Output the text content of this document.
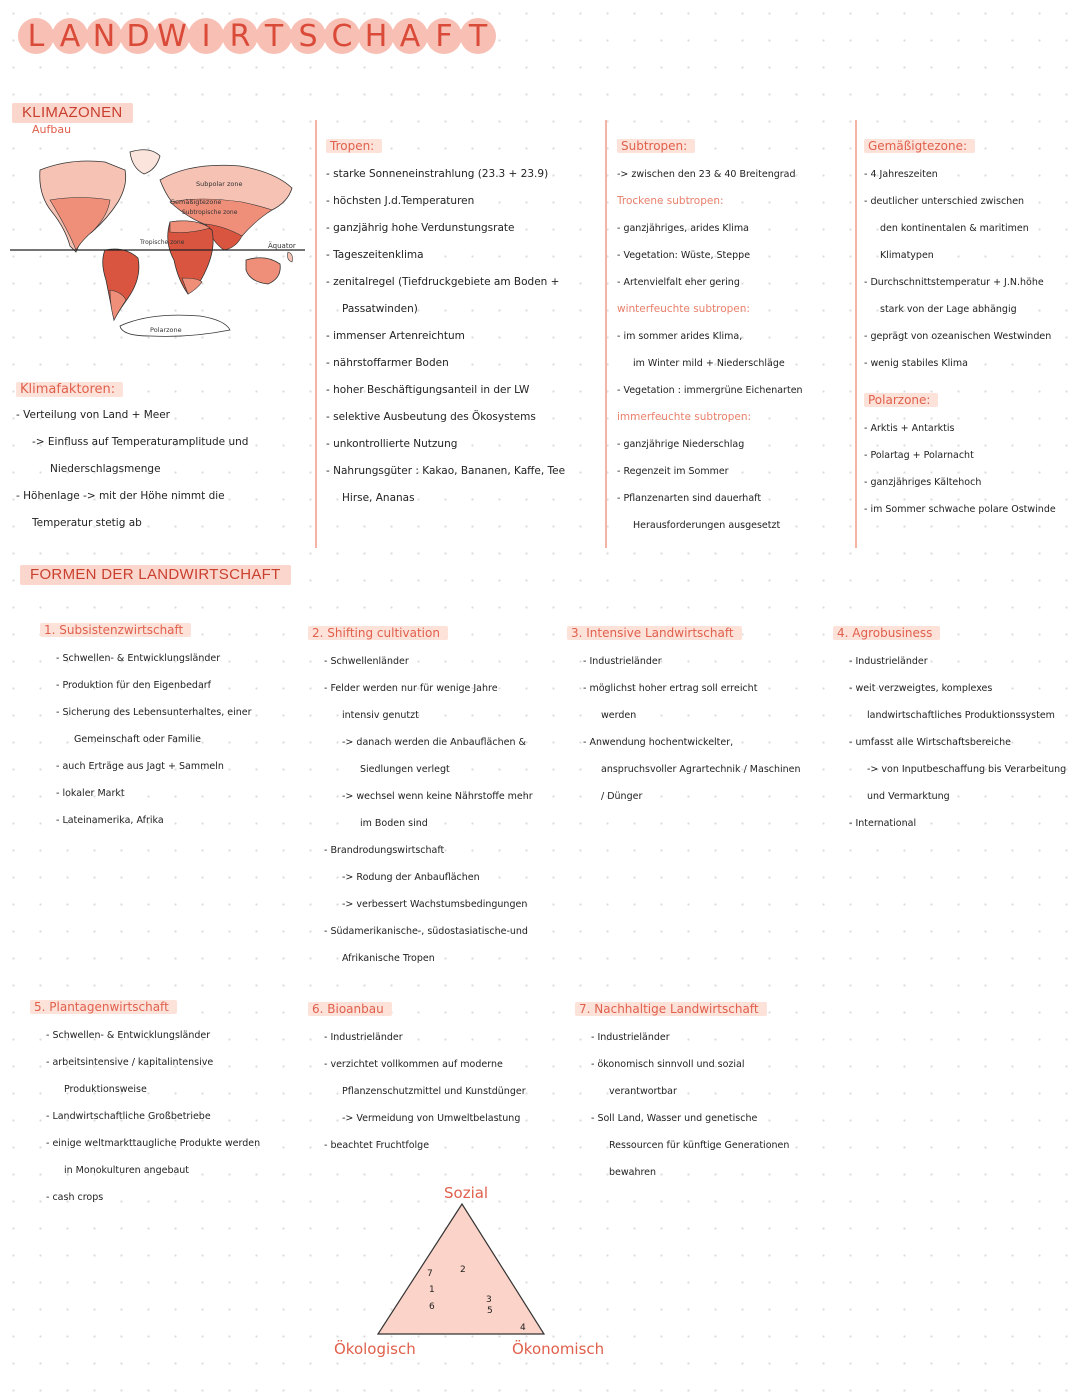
L A N D W I R T S C H A F T
KLIMAZONEN
Aufbau
Subpolar zone
Gemäßigtezone
Subtropische zone
Tropische zone	Äquator
Polarzone
Klimafaktoren:
- Verteilung von Land + Meer
-> Einfluss auf Temperaturamplitude und
Niederschlagsmenge
- Höhenlage -> mit der Höhe nimmt die
Temperatur stetig ab
Tropen:
- starke Sonneneinstrahlung (23.3 + 23.9)
- höchsten J.d.Temperaturen
- ganzjährig hohe Verdunstungsrate
- Tageszeitenklima
- zenitalregel (Tiefdruckgebiete am Boden +
Passatwinden)
- immenser Artenreichtum
- nährstoffarmer Boden
- hoher Beschäftigungsanteil in der LW
- selektive Ausbeutung des Ökosystems
- unkontrollierte Nutzung
- Nahrungsgüter : Kakao, Bananen, Kaffe, Tee
Hirse, Ananas
Subtropen:
-> zwischen den 23 & 40 Breitengrad
Trockene subtropen:
- ganzjähriges, arides Klima
- Vegetation: Wüste, Steppe
- Artenvielfalt eher gering
winterfeuchte subtropen:
- im sommer arides Klima,
im Winter mild + Niederschläge
- Vegetation : immergrüne Eichenarten
immerfeuchte subtropen:
- ganzjährige Niederschlag
- Regenzeit im Sommer
- Pflanzenarten sind dauerhaft
Herausforderungen ausgesetzt
Gemäßigtezone:
- 4 Jahreszeiten
- deutlicher unterschied zwischen
den kontinentalen & maritimen
Klimatypen
- Durchschnittstemperatur + J.N.höhe
stark von der Lage abhängig
- geprägt von ozeanischen Westwinden
- wenig stabiles Klima
Polarzone:
- Arktis + Antarktis
- Polartag + Polarnacht
- ganzjähriges Kältehoch
- im Sommer schwache polare Ostwinde
FORMEN DER LANDWIRTSCHAFT
1. Subsistenzwirtschaft
- Schwellen- & Entwicklungsländer
- Produktion für den Eigenbedarf
- Sicherung des Lebensunterhaltes, einer
Gemeinschaft oder Familie
- auch Erträge aus Jagt + Sammeln
- lokaler Markt
- Lateinamerika, Afrika
2. Shifting cultivation
- Schwellenländer
- Felder werden nur für wenige Jahre
intensiv genutzt
-> danach werden die Anbauflächen &
Siedlungen verlegt
-> wechsel wenn keine Nährstoffe mehr
im Boden sind
- Brandrodungswirtschaft
-> Rodung der Anbauflächen
-> verbessert Wachstumsbedingungen
- Südamerikanische-, südostasiatische-und
Afrikanische Tropen
3. Intensive Landwirtschaft
- Industrieländer
- möglichst hoher ertrag soll erreicht
werden
- Anwendung hochentwickelter,
anspruchsvoller Agrartechnik / Maschinen
/ Dünger
4. Agrobusiness
- Industrieländer
- weit verzweigtes, komplexes
landwirtschaftliches Produktionssystem
- umfasst alle Wirtschaftsbereiche
-> von Inputbeschaffung bis Verarbeitung
und Vermarktung
- International
5. Plantagenwirtschaft
- Schwellen- & Entwicklungsländer
- arbeitsintensive / kapitalintensive
Produktionsweise
- Landwirtschaftliche Großbetriebe
- einige weltmarkttaugliche Produkte werden
in Monokulturen angebaut
- cash crops
6. Bioanbau
- Industrieländer
- verzichtet vollkommen auf moderne
Pflanzenschutzmittel und Kunstdünger
-> Vermeidung von Umweltbelastung
- beachtet Fruchtfolge
7. Nachhaltige Landwirtschaft
- Industrieländer
- ökonomisch sinnvoll und sozial
verantwortbar
- Soll Land, Wasser und genetische
Ressourcen für künftige Generationen
bewahren
Sozial
Ökologisch	Ökonomisch
1
2
3
4
5
6
7
